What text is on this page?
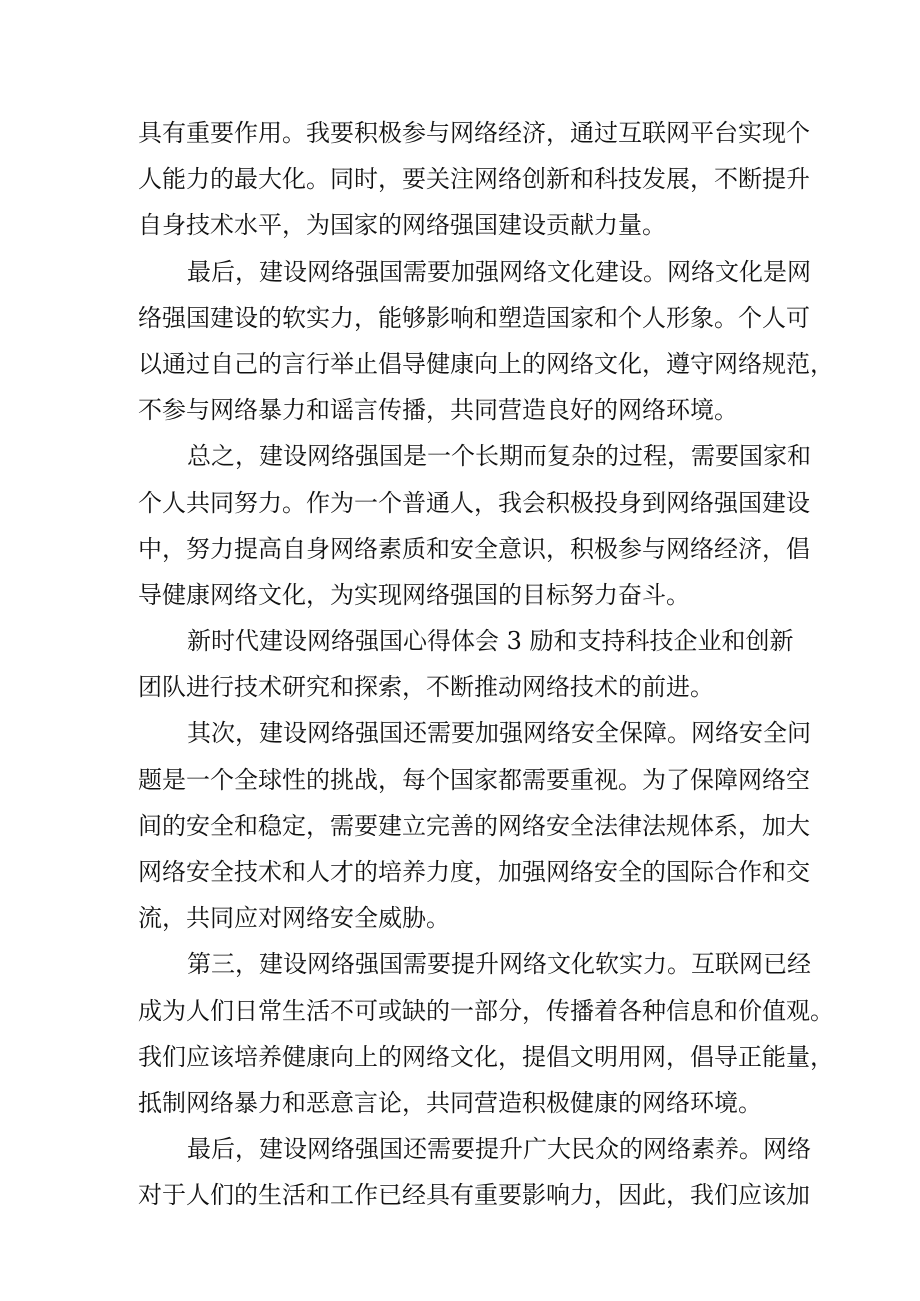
具有重要作用。我要积极参与网络经济，通过互联网平台实现个
人能力的最大化。同时，要关注网络创新和科技发展，不断提升
自身技术水平，为国家的网络强国建设贡献力量。
最后，建设网络强国需要加强网络文化建设。网络文化是网
络强国建设的软实力，能够影响和塑造国家和个人形象。个人可
以通过自己的言行举止倡导健康向上的网络文化，遵守网络规范，
不参与网络暴力和谣言传播，共同营造良好的网络环境。
总之，建设网络强国是一个长期而复杂的过程，需要国家和
个人共同努力。作为一个普通人，我会积极投身到网络强国建设
中，努力提高自身网络素质和安全意识，积极参与网络经济，倡
导健康网络文化，为实现网络强国的目标努力奋斗。
新时代建设网络强国心得体会 3 励和支持科技企业和创新
团队进行技术研究和探索，不断推动网络技术的前进。
其次，建设网络强国还需要加强网络安全保障。网络安全问
题是一个全球性的挑战，每个国家都需要重视。为了保障网络空
间的安全和稳定，需要建立完善的网络安全法律法规体系，加大
网络安全技术和人才的培养力度，加强网络安全的国际合作和交
流，共同应对网络安全威胁。
第三，建设网络强国需要提升网络文化软实力。互联网已经
成为人们日常生活不可或缺的一部分，传播着各种信息和价值观。
我们应该培养健康向上的网络文化，提倡文明用网，倡导正能量，
抵制网络暴力和恶意言论，共同营造积极健康的网络环境。
最后，建设网络强国还需要提升广大民众的网络素养。网络
对于人们的生活和工作已经具有重要影响力，因此，我们应该加
